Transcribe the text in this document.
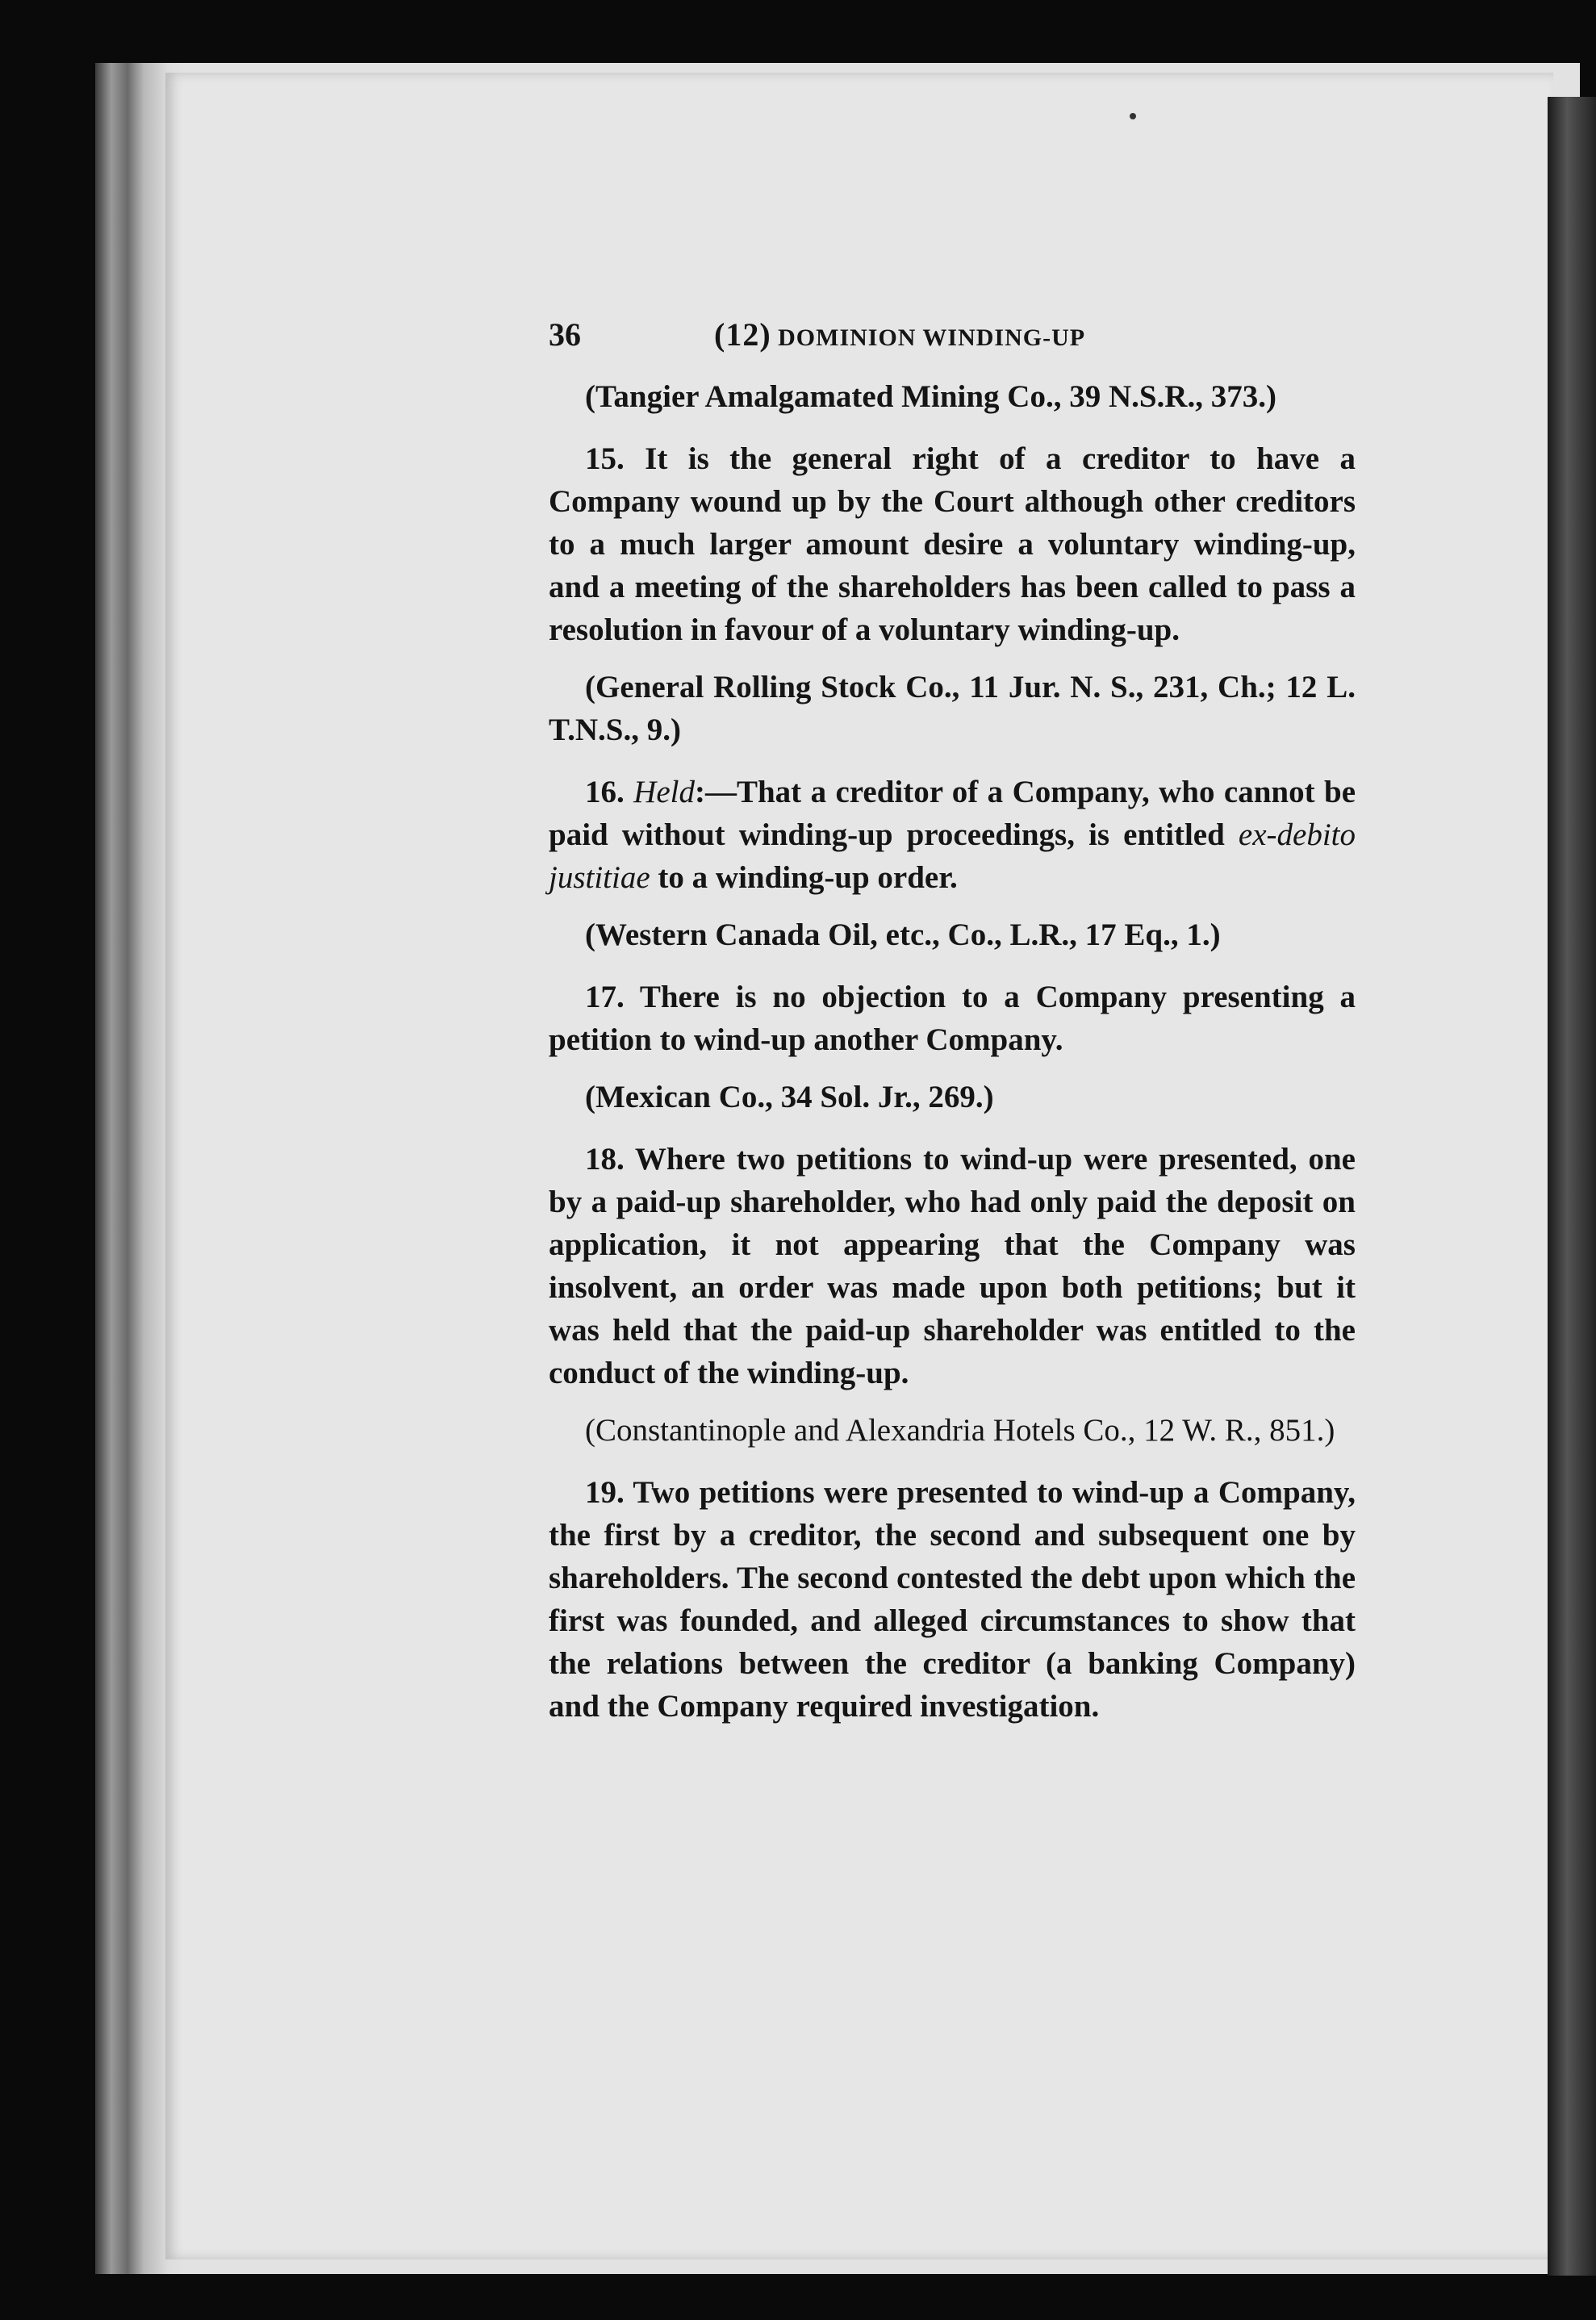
36	(12) DOMINION WINDING-UP

(Tangier Amalgamated Mining Co., 39 N.S.R., 373.)

15. It is the general right of a creditor to have a Company wound up by the Court although other creditors to a much larger amount desire a voluntary winding-up, and a meeting of the shareholders has been called to pass a resolution in favour of a voluntary winding-up.

(General Rolling Stock Co., 11 Jur. N. S., 231, Ch.; 12 L. T.N.S., 9.)

16. Held:—That a creditor of a Company, who cannot be paid without winding-up proceedings, is entitled ex-debito justitiae to a winding-up order.

(Western Canada Oil, etc., Co., L.R., 17 Eq., 1.)

17. There is no objection to a Company presenting a petition to wind-up another Company.

(Mexican Co., 34 Sol. Jr., 269.)

18. Where two petitions to wind-up were presented, one by a paid-up shareholder, who had only paid the deposit on application, it not appearing that the Company was insolvent, an order was made upon both petitions; but it was held that the paid-up shareholder was entitled to the conduct of the winding-up.

(Constantinople and Alexandria Hotels Co., 12 W. R., 851.)

19. Two petitions were presented to wind-up a Company, the first by a creditor, the second and subsequent one by shareholders. The second contested the debt upon which the first was founded, and alleged circumstances to show that the relations between the creditor (a banking Company) and the Company required investigation.
